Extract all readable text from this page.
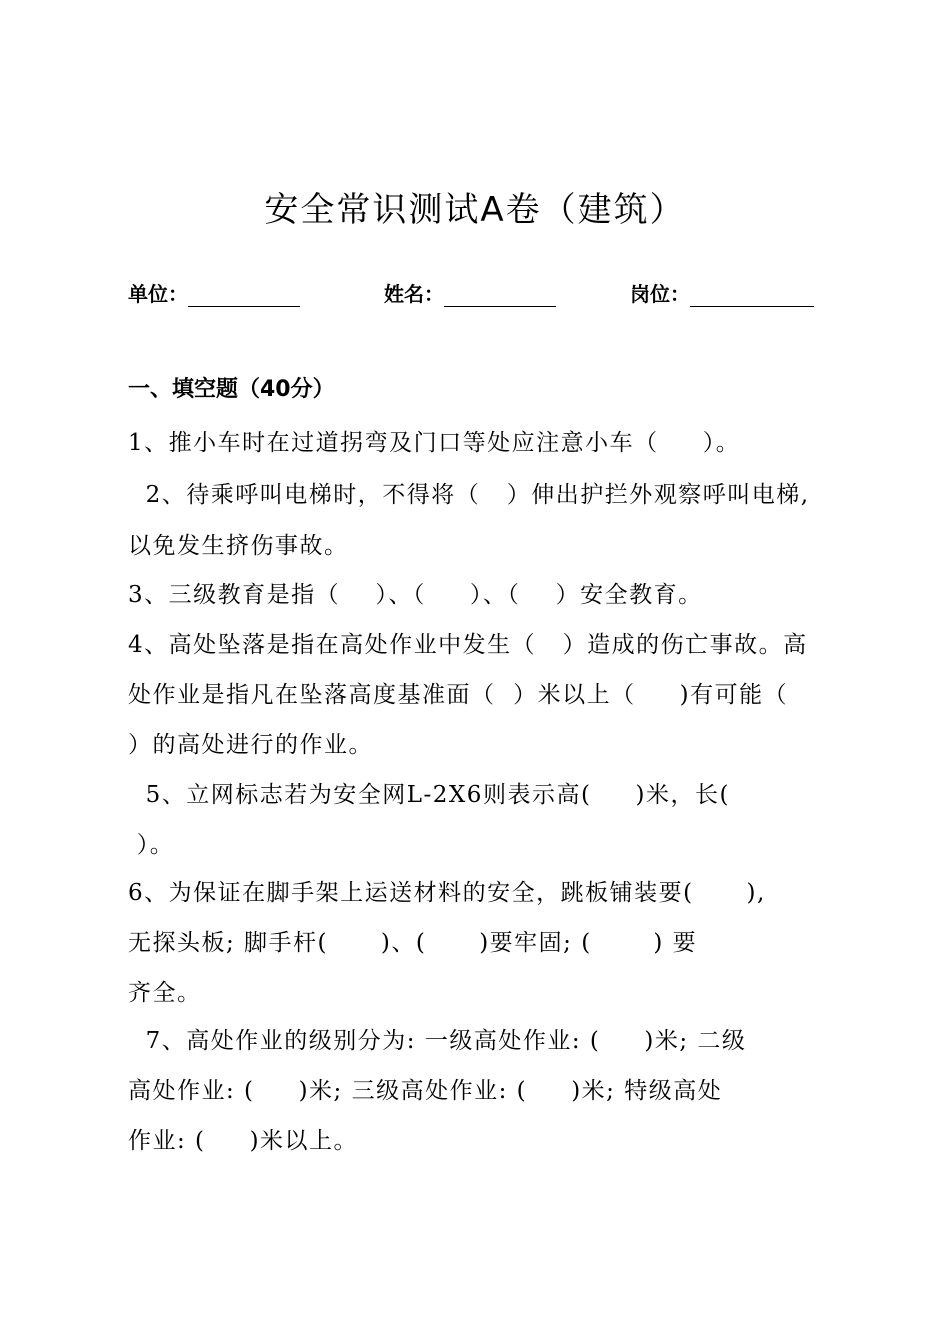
安全常识测试A卷（建筑）
单位：	姓名：	岗位：
一、填空题（40分）
1、推小车时在过道拐弯及门口等处应注意小车（     ）。
2、待乘呼叫电梯时，不得将（   ）伸出护拦外观察呼叫电梯,
以免发生挤伤事故。
3、三级教育是指（    ）、（     ）、（    ）安全教育。
4、高处坠落是指在高处作业中发生（   ）造成的伤亡事故。高
处作业是指凡在坠落高度基准面（  ）米以上（     )有可能（
）的高处进行的作业。
5、立网标志若为安全网L-2X6则表示高(     )米，长(
）。
6、为保证在脚手架上运送材料的安全，跳板铺装要(      ),
无探头板; 脚手杆(      )、(      )要牢固; (       ) 要
齐全。
7、高处作业的级别分为: 一级高处作业: (     )米; 二级
高处作业: (     )米; 三级高处作业: (     )米; 特级高处
作业: (     )米以上。
